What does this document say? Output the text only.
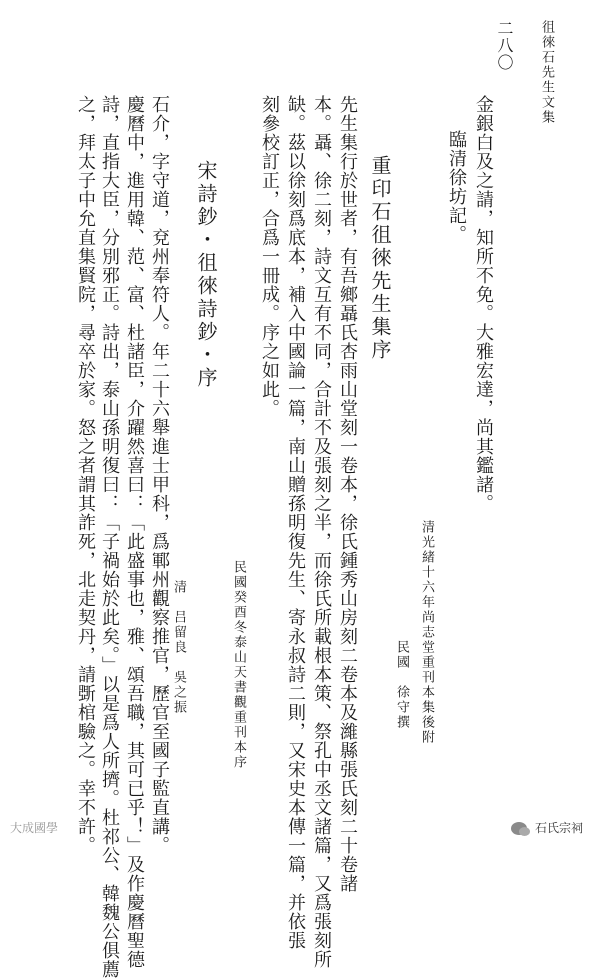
二八〇 徂徠石先生文集
金銀白及之請，知所不免。大雅宏達，尚其鑑諸。
臨清徐坊記。
清光緒十六年尚志堂重刊本集後附
民國　徐守撰
重印石徂徠先生集序
先生集行於世者，有吾鄉聶氏杏雨山堂刻一卷本，徐氏鍾秀山房刻二卷本及濰縣張氏刻二十卷諸
本。聶、徐二刻，詩文互有不同，合計不及張刻之半，而徐氏所載根本策、祭孔中丞文諸篇，又爲張刻所
缺。茲以徐刻爲底本，補入中國論一篇，南山贈孫明復先生、寄永叔詩二則，又宋史本傳一篇，并依張
刻參校訂正，合爲一冊成。序之如此。
民國癸酉冬泰山天書觀重刊本序
宋詩鈔・徂徠詩鈔・序
清　吕留良　吳之振
石介，字守道，兗州奉符人。年二十六舉進士甲科，爲鄆州觀察推官，歷官至國子監直講。
慶曆中，進用韓、范、富、杜諸臣，介躍然喜曰：「此盛事也，雅、頌吾職，其可已乎！」及作慶曆聖德
詩，直指大臣，分別邪正。詩出，泰山孫明復曰：「子禍始於此矣。」以是爲人所擠。杜祁公、韓魏公俱薦
之，拜太子中允直集賢院，尋卒於家。怒之者謂其詐死，北走契丹，請斲棺驗之。幸不許。
大成國學	石氏宗祠
